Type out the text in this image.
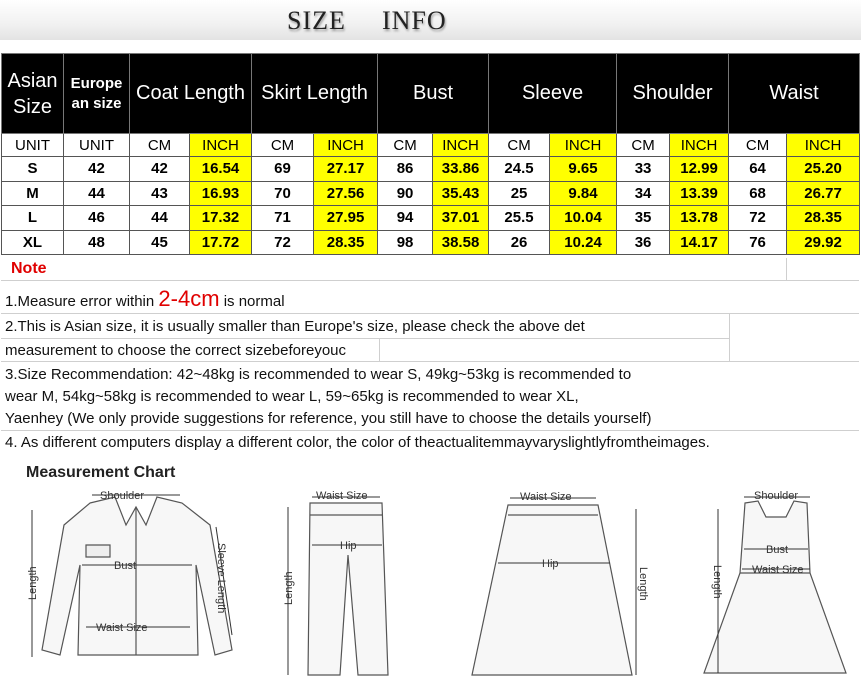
SIZE INFO
Asian Size	Europe an size	Coat Length		Skirt Length		Bust		Sleeve		Shoulder		Waist	
UNIT	UNIT	CM	INCH	CM	INCH	CM	INCH	CM	INCH	CM	INCH	CM	INCH
S	42	42	16.54	69	27.17	86	33.86	24.5	9.65	33	12.99	64	25.20
M	44	43	16.93	70	27.56	90	35.43	25	9.84	34	13.39	68	26.77
L	46	44	17.32	71	27.95	94	37.01	25.5	10.04	35	13.78	72	28.35
XL	48	45	17.72	72	28.35	98	38.58	26	10.24	36	14.17	76	29.92
Note
1.Measure error within 2-4cm is normal
2.This is Asian size, it is usually smaller than Europe's size, please check the above det
measurement to choose the correct sizebeforeyouc
3.Size Recommendation: 42~48kg is recommended to wear S, 49kg~53kg is recommended to
wear M, 54kg~58kg is recommended to wear L, 59~65kg is recommended to wear XL,
Yaenhey (We only provide suggestions for reference, you still have to choose the details yourself)
4. As different computers display a different color, the color of theactualitemmayvaryslightlyfromtheimages.
Measurement Chart
Shoulder
Bust
Waist Size
Length	Sleeve Length
Waist Size
Hip
Length
Waist Size
Hip
Length
Shoulder
Bust
Waist Size
Length
